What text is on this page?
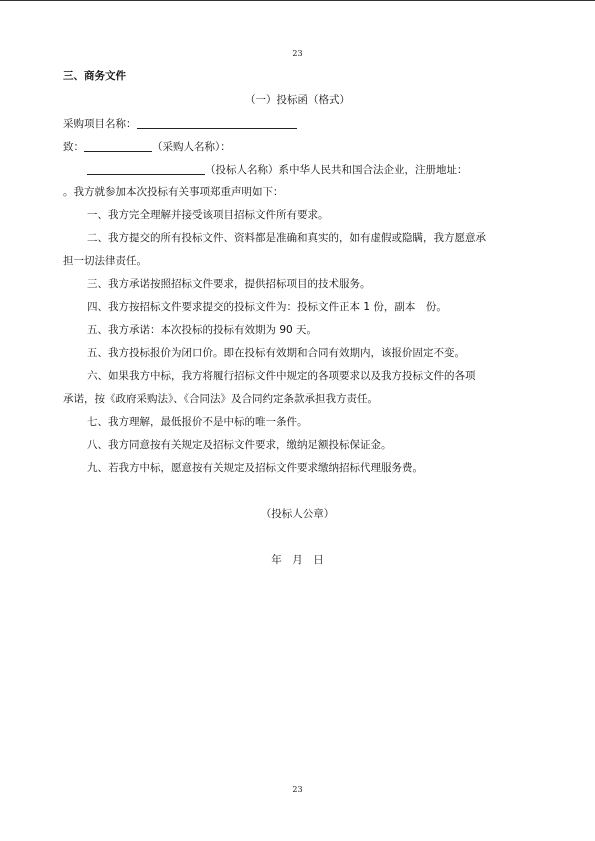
23
三、商务文件
（一）投标函（格式）
采购项目名称：
致：	（采购人名称）：
（投标人名称）系中华人民共和国合法企业，注册地址：
。我方就参加本次投标有关事项郑重声明如下：
一、我方完全理解并接受该项目招标文件所有要求。
二、我方提交的所有投标文件、资料都是准确和真实的，如有虚假或隐瞒，我方愿意承
担一切法律责任。
三、我方承诺按照招标文件要求，提供招标项目的技术服务。
四、我方按招标文件要求提交的投标文件为：投标文件正本 1 份，副本　份。
五、我方承诺：本次投标的投标有效期为 90 天。
五、我方投标报价为闭口价。即在投标有效期和合同有效期内，该报价固定不变。
六、如果我方中标，我方将履行招标文件中规定的各项要求以及我方投标文件的各项
承诺，按《政府采购法》、《合同法》及合同约定条款承担我方责任。
七、我方理解，最低报价不是中标的唯一条件。
八、我方同意按有关规定及招标文件要求，缴纳足额投标保证金。
九、若我方中标，愿意按有关规定及招标文件要求缴纳招标代理服务费。
（投标人公章）
年　月　日
23
